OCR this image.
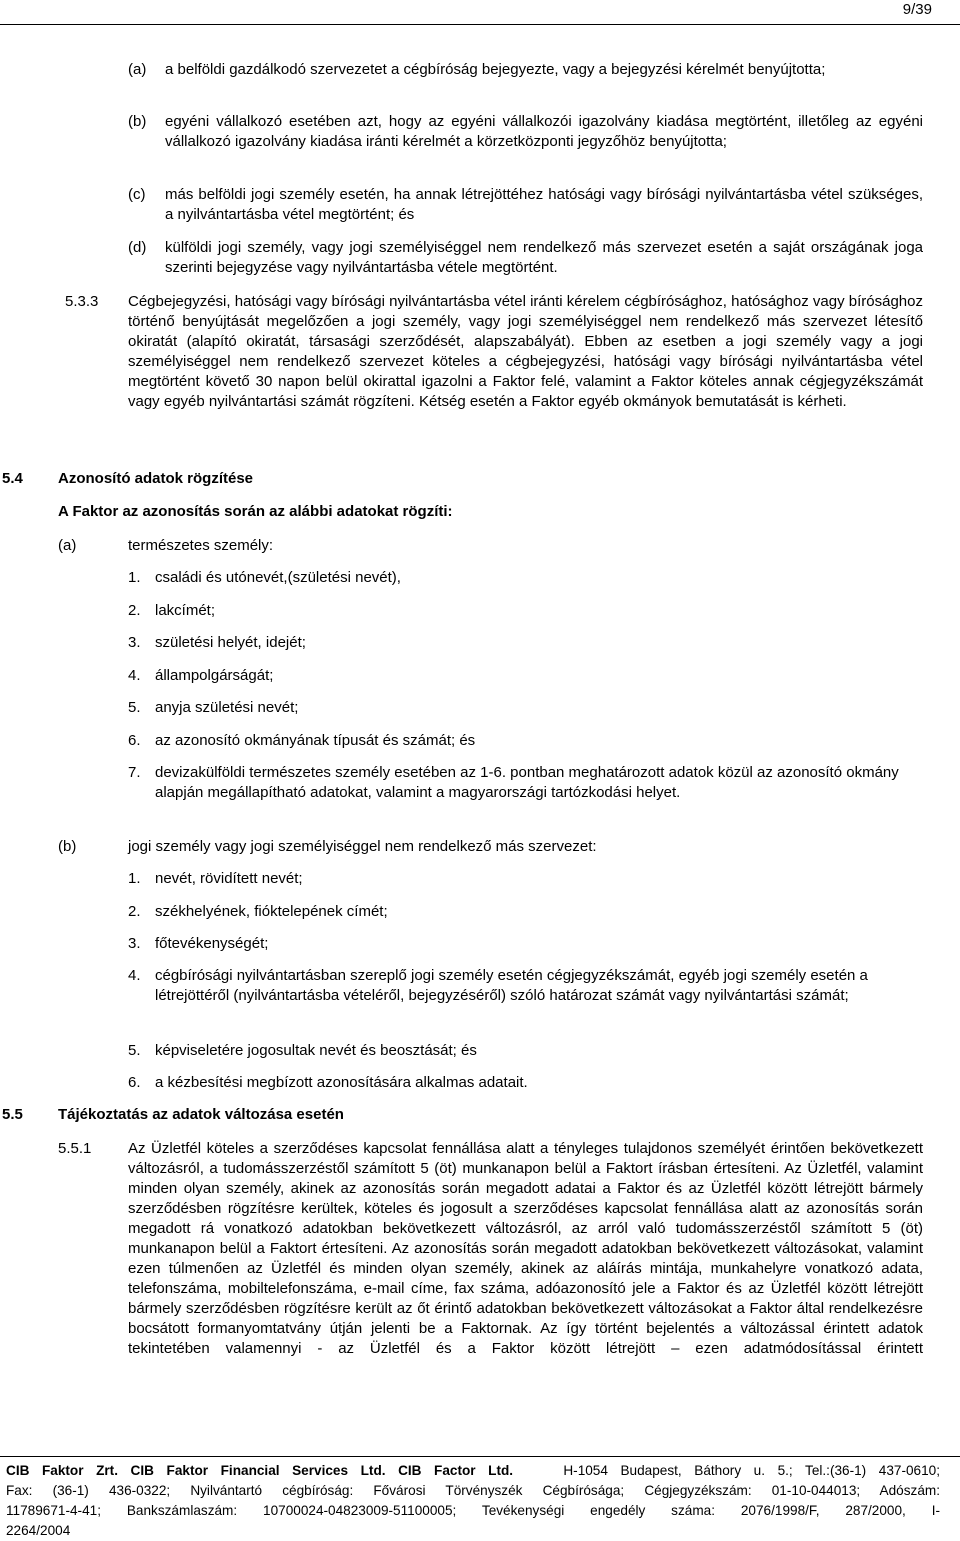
9/39
(a) a belföldi gazdálkodó szervezetet a cégbíróság bejegyezte, vagy a bejegyzési kérelmét benyújtotta;
(b) egyéni vállalkozó esetében azt, hogy az egyéni vállalkozói igazolvány kiadása megtörtént, illetőleg az egyéni vállalkozó igazolvány kiadása iránti kérelmét a körzetközponti jegyzőhöz benyújtotta;
(c) más belföldi jogi személy esetén, ha annak létrejöttéhez hatósági vagy bírósági nyilvántartásba vétel szükséges, a nyilvántartásba vétel megtörtént; és
(d) külföldi jogi személy, vagy jogi személyiséggel nem rendelkező más szervezet esetén a saját országának joga szerinti bejegyzése vagy nyilvántartásba vétele megtörtént.
5.3.3 Cégbejegyzési, hatósági vagy bírósági nyilvántartásba vétel iránti kérelem cégbírósághoz, hatósághoz vagy bírósághoz történő benyújtását megelőzően a jogi személy, vagy jogi személyiséggel nem rendelkező más szervezet létesítő okiratát (alapító okiratát, társasági szerződését, alapszabályát). Ebben az esetben a jogi személy vagy a jogi személyiséggel nem rendelkező szervezet köteles a cégbejegyzési, hatósági vagy bírósági nyilvántartásba vétel megtörtént követő 30 napon belül okirattal igazolni a Faktor felé, valamint a Faktor köteles annak cégjegyzékszámát vagy egyéb nyilvántartási számát rögzíteni. Kétség esetén a Faktor egyéb okmányok bemutatását is kérheti.
5.4 Azonosító adatok rögzítése
A Faktor az azonosítás során az alábbi adatokat rögzíti:
(a)	természetes személy:
1. családi és utónevét,(születési nevét),
2. lakcímét;
3. születési helyét, idejét;
4. állampolgárságát;
5. anyja születési nevét;
6. az azonosító okmányának típusát és számát; és
7. devizakülföldi természetes személy esetében az 1-6. pontban meghatározott adatok közül az azonosító okmány alapján megállapítható adatokat, valamint a magyarországi tartózkodási helyet.
(b)	jogi személy vagy jogi személyiséggel nem rendelkező más szervezet:
1. nevét, rövidített nevét;
2. székhelyének, fióktelepének címét;
3. főtevékenységét;
4. cégbírósági nyilvántartásban szereplő jogi személy esetén cégjegyzékszámát, egyéb jogi személy esetén a létrejöttéről (nyilvántartásba vételéről, bejegyzéséről) szóló határozat számát vagy nyilvántartási számát;
5. képviseletére jogosultak nevét és beosztását; és
6. a kézbesítési megbízott azonosítására alkalmas adatait.
5.5 Tájékoztatás az adatok változása esetén
5.5.1 Az Üzletfél köteles a szerződéses kapcsolat fennállása alatt a tényleges tulajdonos személyét érintően bekövetkezett változásról, a tudomásszerzéstől számított 5 (öt) munkanapon belül a Faktort írásban értesíteni. Az Üzletfél, valamint minden olyan személy, akinek az azonosítás során megadott adatai a Faktor és az Üzletfél között létrejött bármely szerződésben rögzítésre kerültek, köteles és jogosult a szerződéses kapcsolat fennállása alatt az azonosítás során megadott rá vonatkozó adatokban bekövetkezett változásról, az arról való tudomásszerzéstől számított 5 (öt) munkanapon belül a Faktort értesíteni. Az azonosítás során megadott adatokban bekövetkezett változásokat, valamint ezen túlmenően az Üzletfél és minden olyan személy, akinek az aláírás mintája, munkahelyre vonatkozó adata, telefonszáma, mobiltelefonszáma, e-mail címe, fax száma, adóazonosító jele a Faktor és az Üzletfél között létrejött bármely szerződésben rögzítésre került az őt érintő adatokban bekövetkezett változásokat a Faktor által rendelkezésre bocsátott formanyomtatvány útján jelenti be a Faktornak. Az így történt bejelentés a változással érintett adatok tekintetében valamennyi - az Üzletfél és a Faktor között létrejött – ezen adatmódosítással érintett
CIB Faktor Zrt. CIB Faktor Financial Services Ltd. CIB Factor Ltd.	H-1054 Budapest, Báthory u. 5.; Tel.:(36-1) 437-0610;
Fax: (36-1) 436-0322; Nyilvántartó cégbíróság: Fővárosi Törvényszék Cégbírósága; Cégjegyzékszám: 01-10-044013; Adószám:
11789671-4-41; Bankszámlaszám: 10700024-04823009-51100005; Tevékenységi engedély száma: 2076/1998/F, 287/2000, I-
2264/2004
